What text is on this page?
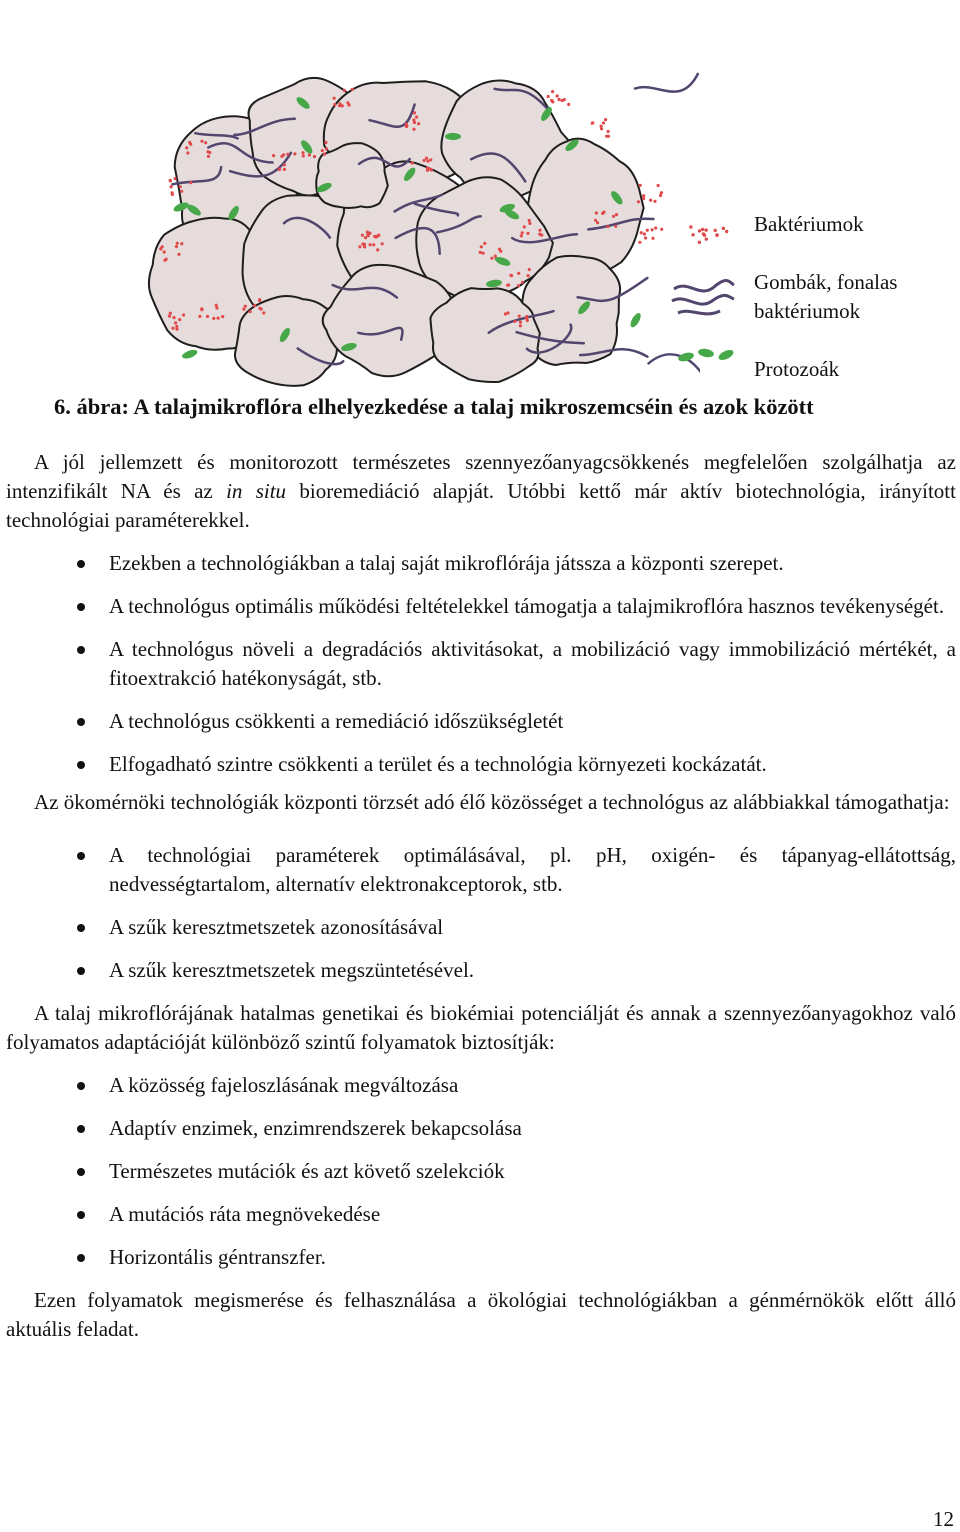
Baktériumok
Gombák, fonalas
baktériumok
Protozoák
6. ábra: A talajmikroflóra elhelyezkedése a talaj mikroszemcséin és azok között

A jól jellemzett és monitorozott természetes szennyezőanyagcsökkenés megfelelően szolgálhatja az intenzifikált NA és az in situ bioremediáció alapját. Utóbbi kettő már aktív biotechnológia, irányított technológiai paraméterekkel.

Ezekben a technológiákban a talaj saját mikroflórája játssza a központi szerepet.
A technológus optimális működési feltételekkel támogatja a talajmikroflóra hasznos tevékenységét.
A technológus növeli a degradációs aktivitásokat, a mobilizáció vagy immobilizáció mértékét, a fitoextrakció hatékonyságát, stb.
A technológus csökkenti a remediáció időszükségletét
Elfogadható szintre csökkenti a terület és a technológia környezeti kockázatát.

Az ökomérnöki technológiák központi törzsét adó élő közösséget a technológus az alábbiakkal támogathatja:

A technológiai paraméterek optimálásával, pl. pH, oxigén- és tápanyag-ellátottság, nedvességtartalom, alternatív elektronakceptorok, stb.
A szűk keresztmetszetek azonosításával
A szűk keresztmetszetek megszüntetésével.

A talaj mikroflórájának hatalmas genetikai és biokémiai potenciálját és annak a szennyezőanyagokhoz való folyamatos adaptációját különböző szintű folyamatok biztosítják:

A közösség fajeloszlásának megváltozása
Adaptív enzimek, enzimrendszerek bekapcsolása
Természetes mutációk és azt követő szelekciók
A mutációs ráta megnövekedése
Horizontális géntranszfer.

Ezen folyamatok megismerése és felhasználása a ökológiai technológiákban a génmérnökök előtt álló aktuális feladat.

12
